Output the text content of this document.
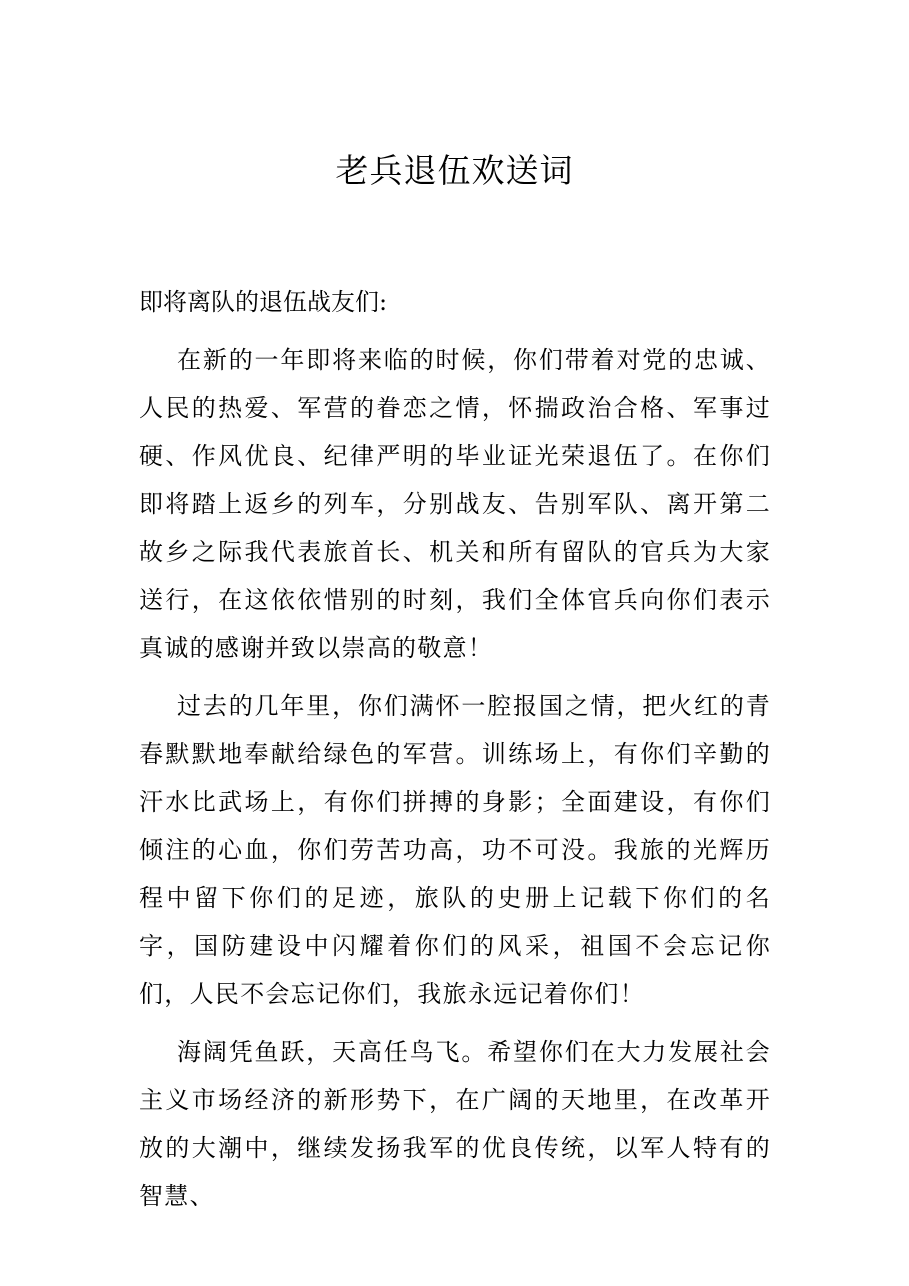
老兵退伍欢送词

即将离队的退伍战友们:

在新的一年即将来临的时候，你们带着对党的忠诚、人民的热爱、军营的眷恋之情，怀揣政治合格、军事过硬、作风优良、纪律严明的毕业证光荣退伍了。在你们即将踏上返乡的列车，分别战友、告别军队、离开第二故乡之际我代表旅首长、机关和所有留队的官兵为大家送行，在这依依惜别的时刻，我们全体官兵向你们表示真诚的感谢并致以崇高的敬意！

过去的几年里，你们满怀一腔报国之情，把火红的青春默默地奉献给绿色的军营。训练场上，有你们辛勤的汗水比武场上，有你们拼搏的身影；全面建设，有你们倾注的心血，你们劳苦功高，功不可没。我旅的光辉历程中留下你们的足迹，旅队的史册上记载下你们的名字，国防建设中闪耀着你们的风采，祖国不会忘记你们，人民不会忘记你们，我旅永远记着你们！

海阔凭鱼跃，天高任鸟飞。希望你们在大力发展社会主义市场经济的新形势下，在广阔的天地里，在改革开放的大潮中，继续发扬我军的优良传统，以军人特有的智慧、
